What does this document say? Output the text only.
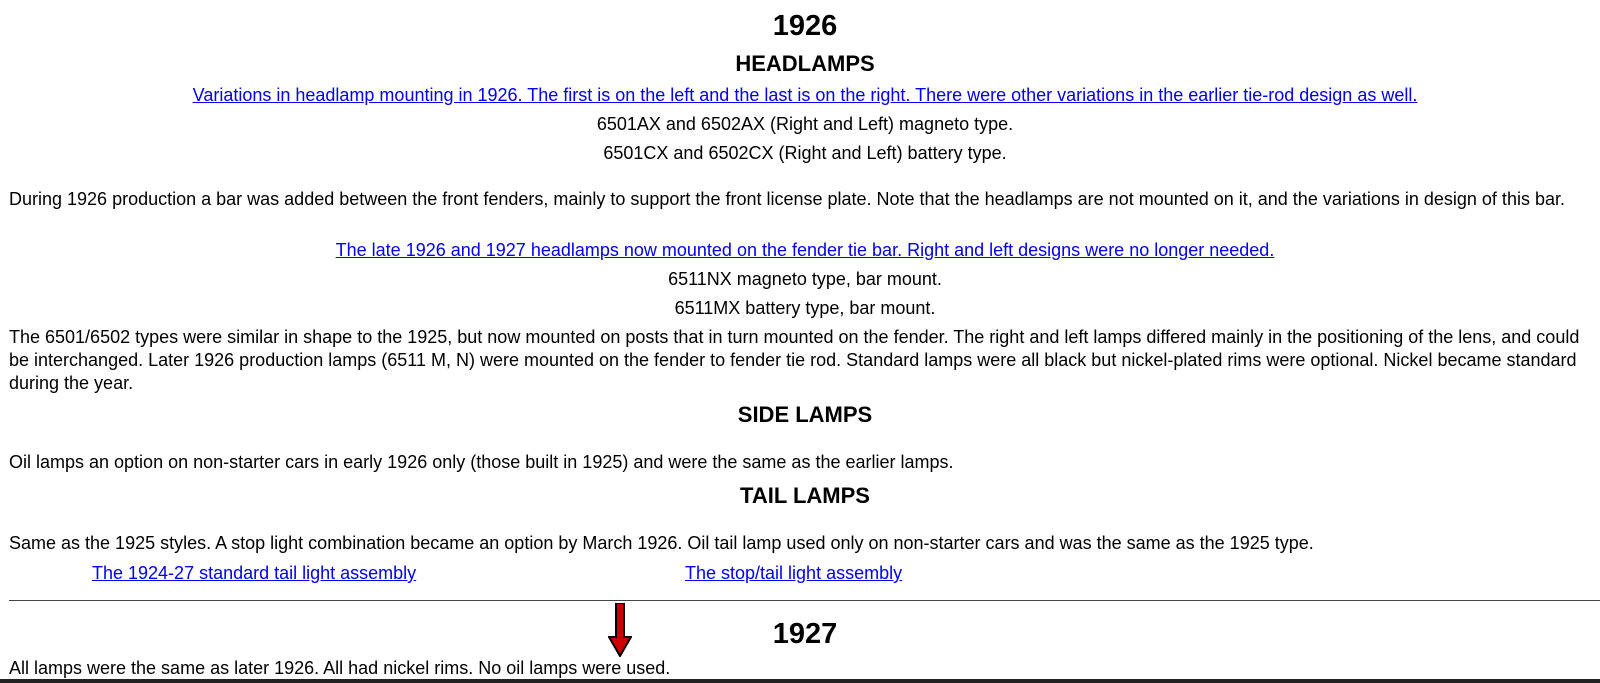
1926
HEADLAMPS
Variations in headlamp mounting in 1926. The first is on the left and the last is on the right. There were other variations in the earlier tie-rod design as well.
6501AX and 6502AX (Right and Left) magneto type.
6501CX and 6502CX (Right and Left) battery type.
During 1926 production a bar was added between the front fenders, mainly to support the front license plate. Note that the headlamps are not mounted on it, and the variations in design of this bar.
The late 1926 and 1927 headlamps now mounted on the fender tie bar. Right and left designs were no longer needed.
6511NX magneto type, bar mount.
6511MX battery type, bar mount.
The 6501/6502 types were similar in shape to the 1925, but now mounted on posts that in turn mounted on the fender. The right and left lamps differed mainly in the positioning of the lens, and could be interchanged. Later 1926 production lamps (6511 M, N) were mounted on the fender to fender tie rod. Standard lamps were all black but nickel-plated rims were optional. Nickel became standard during the year.
SIDE LAMPS
Oil lamps an option on non-starter cars in early 1926 only (those built in 1925) and were the same as the earlier lamps.
TAIL LAMPS
Same as the 1925 styles. A stop light combination became an option by March 1926. Oil tail lamp used only on non-starter cars and was the same as the 1925 type.
The 1924-27 standard tail light assembly	The stop/tail light assembly
1927
All lamps were the same as later 1926. All had nickel rims. No oil lamps were used.
